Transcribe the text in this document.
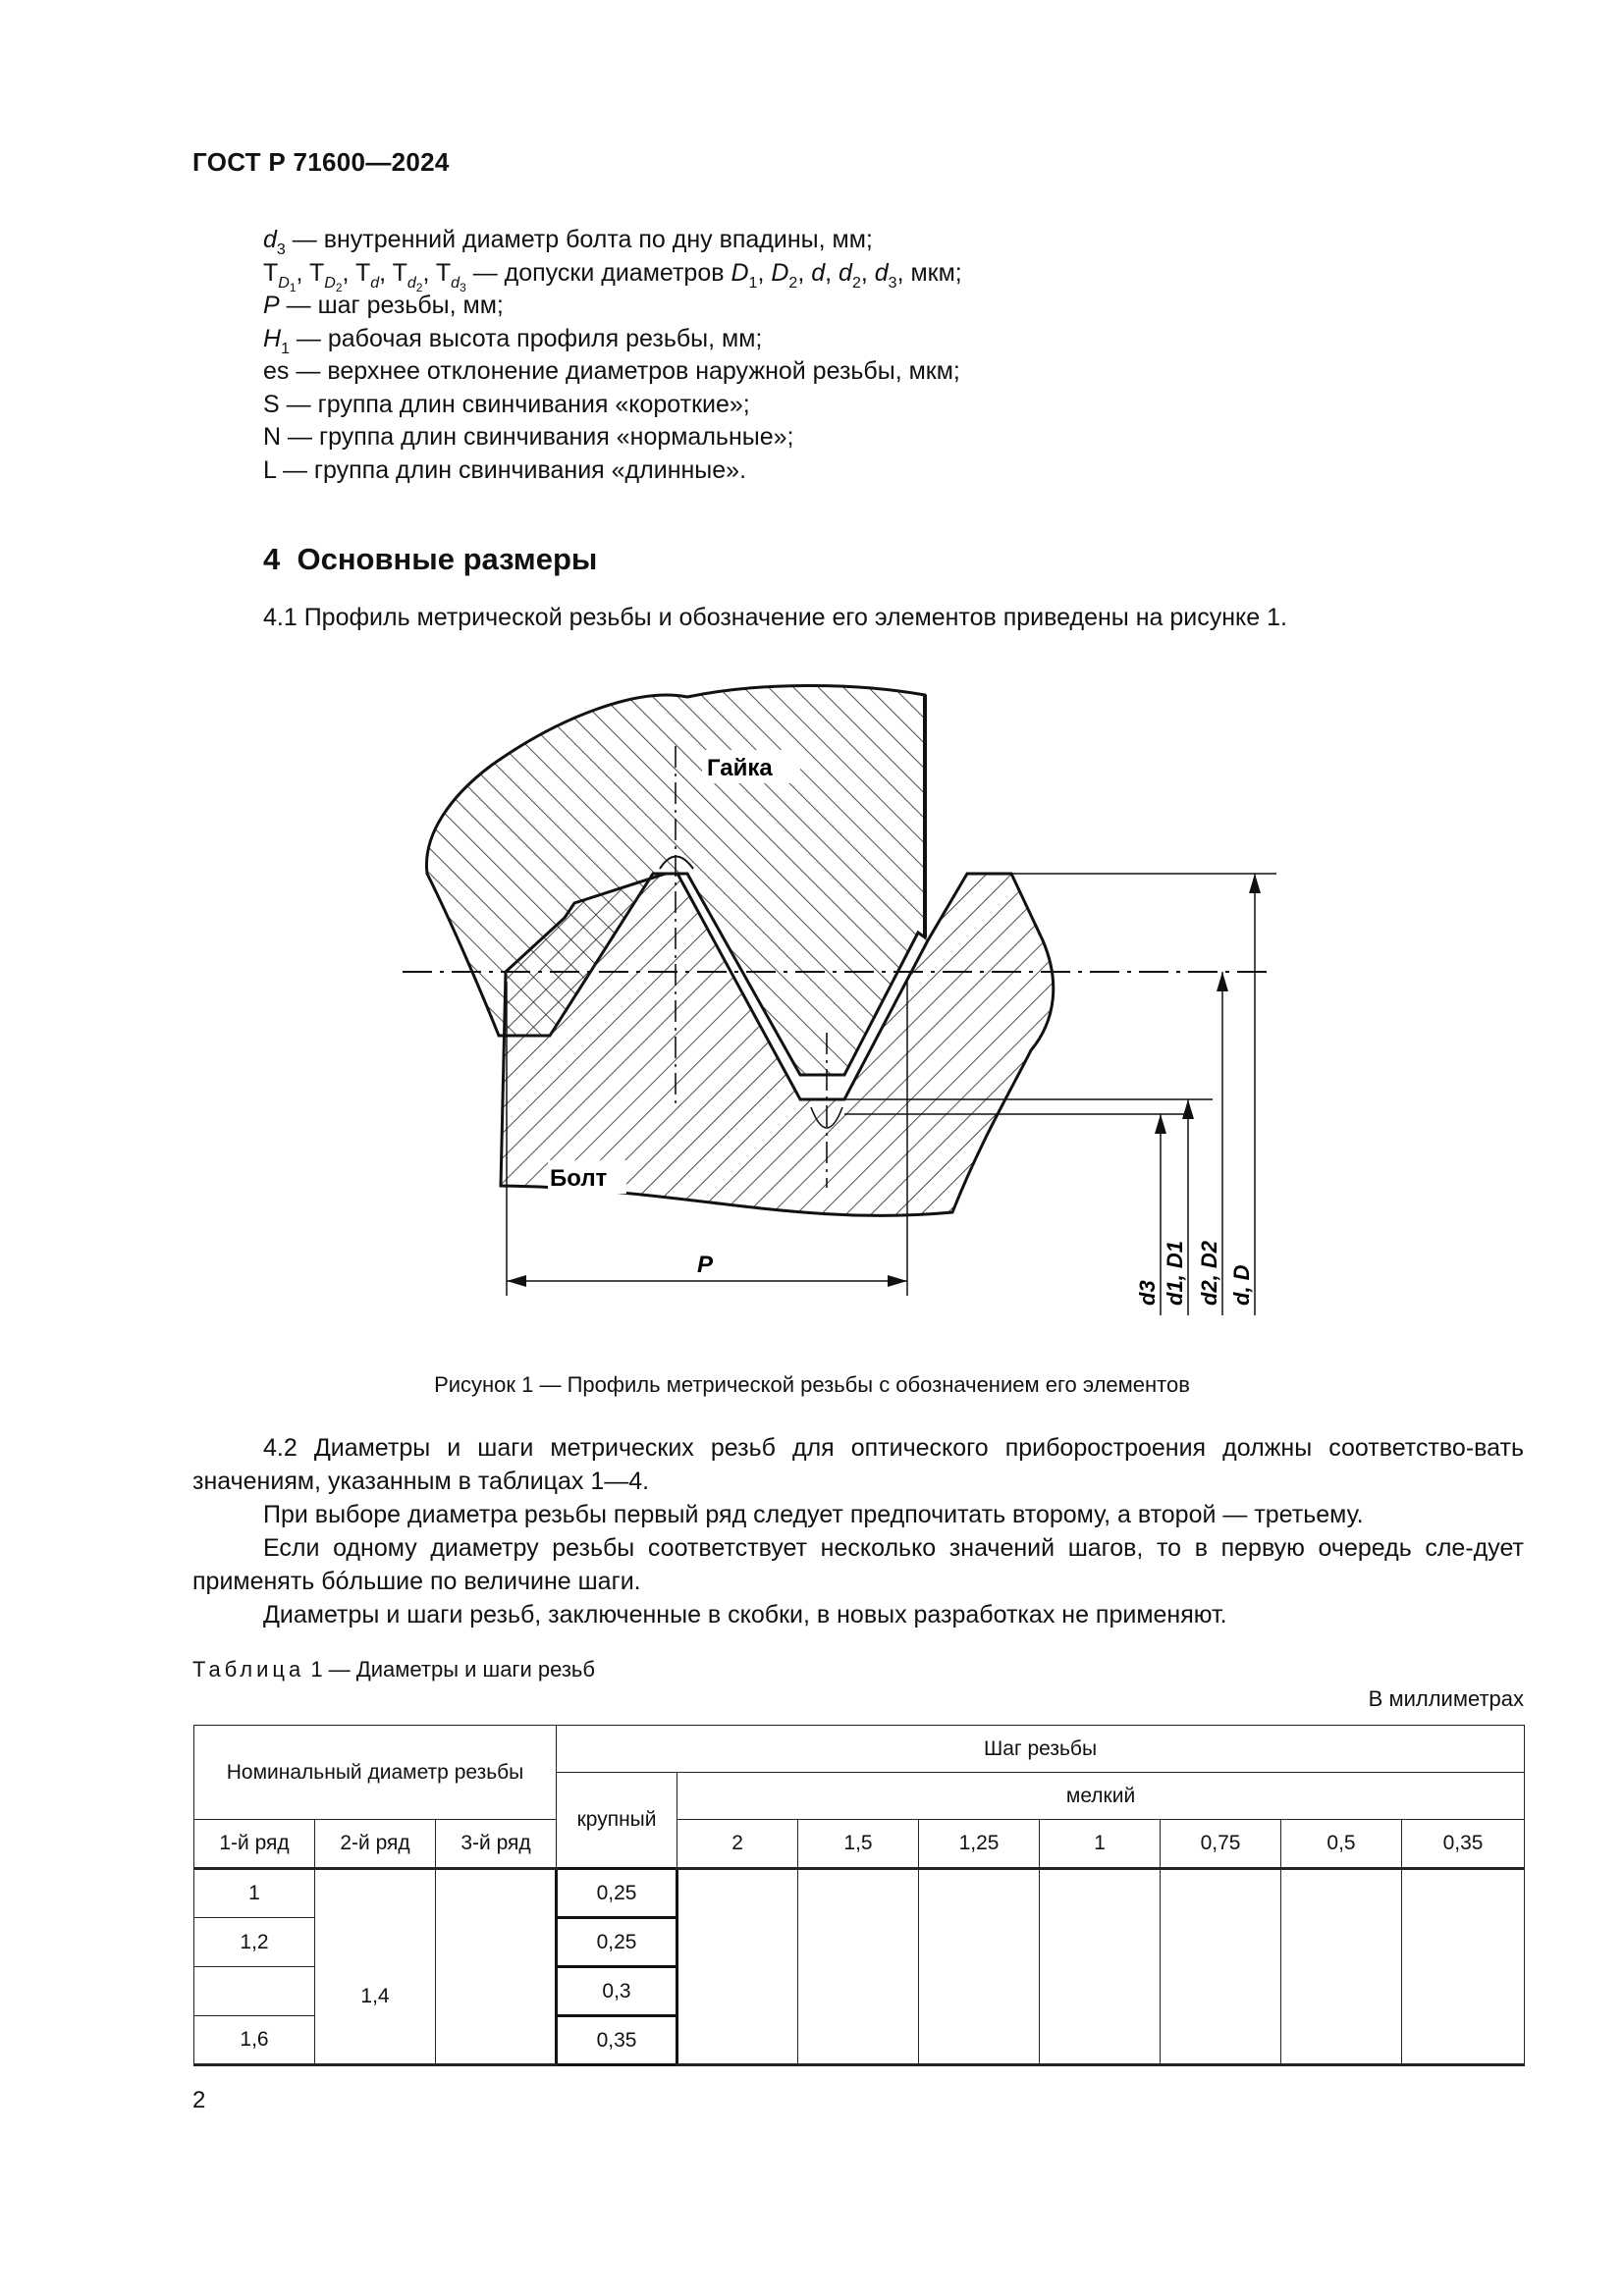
ГОСТ Р 71600—2024
$d_3$ — внутренний диаметр болта по дну впадины, мм;
$T_{D_1}$, $T_{D_2}$, $T_d$, $T_{d_2}$, $T_{d_3}$ — допуски диаметров $D_1$, $D_2$, d, $d_2$, $d_3$, мкм;
P — шаг резьбы, мм;
$H_1$ — рабочая высота профиля резьбы, мм;
es — верхнее отклонение диаметров наружной резьбы, мкм;
S — группа длин свинчивания «короткие»;
N — группа длин свинчивания «нормальные»;
L — группа длин свинчивания «длинные».
4 Основные размеры
4.1 Профиль метрической резьбы и обозначение его элементов приведены на рисунке 1.
Гайка
Болт
P
d3 d1, D1 d2, D2 d, D
Рисунок 1 — Профиль метрической резьбы с обозначением его элементов

4.2 Диаметры и шаги метрических резьб для оптического приборостроения должны соответство-вать значениям, указанным в таблицах 1—4.

При выборе диаметра резьбы первый ряд следует предпочитать второму, а второй — третьему.

Если одному диаметру резьбы соответствует несколько значений шагов, то в первую очередь сле-дует применять бóльшие по величине шаги.

Диаметры и шаги резьб, заключенные в скобки, в новых разработках не применяют.

Таблица 1 — Диаметры и шаги резьб
В миллиметрах
Номинальный диаметр резьбы			Шаг резьбы							
			крупный	мелкий						
1-й ряд	2-й ряд	3-й ряд		2	1,5	1,25	1	0,75	0,5	0,35
1	1,4		0,25							
1,2			0,25							
			0,3							
1,6			0,35							
2
